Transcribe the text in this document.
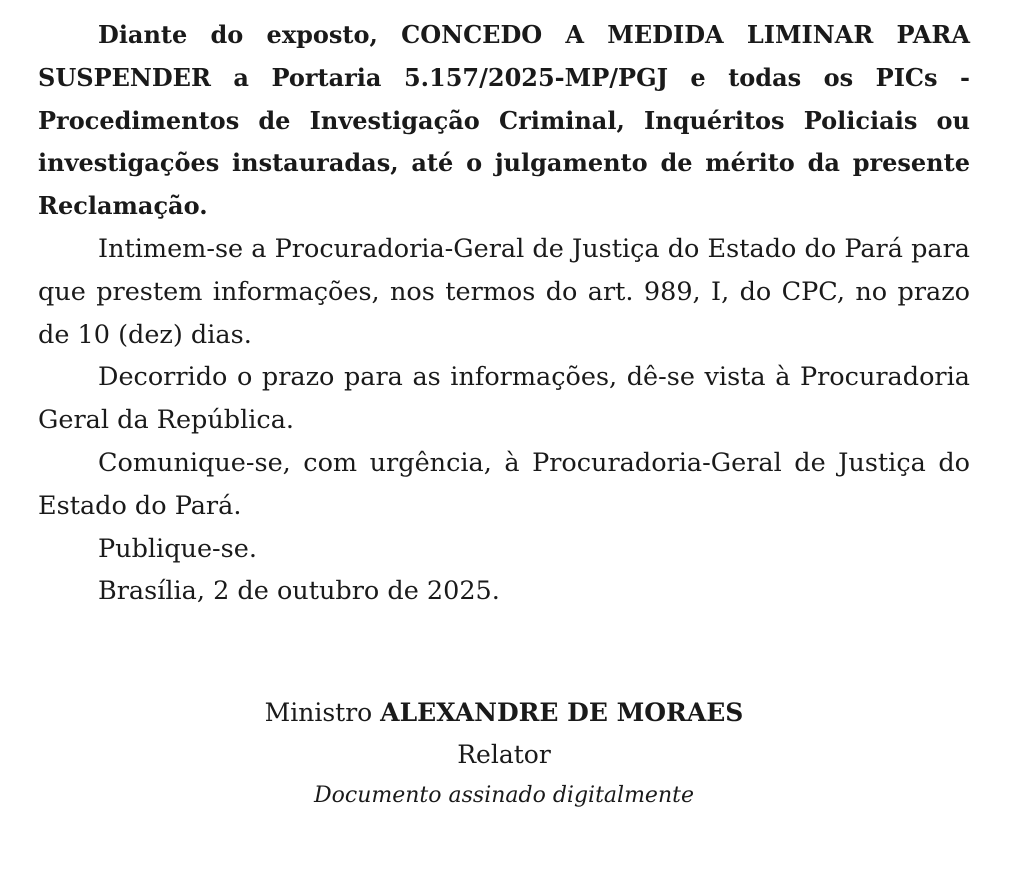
Diante do exposto, CONCEDO A MEDIDA LIMINAR PARA SUSPENDER a Portaria 5.157/2025-MP/PGJ e todas os PICs - Procedimentos de Investigação Criminal, Inquéritos Policiais ou investigações instauradas, até o julgamento de mérito da presente Reclamação.

Intimem-se a Procuradoria-Geral de Justiça do Estado do Pará para que prestem informações, nos termos do art. 989, I, do CPC, no prazo de 10 (dez) dias.

Decorrido o prazo para as informações, dê-se vista à Procuradoria Geral da República.

Comunique-se, com urgência, à Procuradoria-Geral de Justiça do Estado do Pará.

Publique-se.

Brasília, 2 de outubro de 2025.

Ministro ALEXANDRE DE MORAES

Relator

Documento assinado digitalmente
